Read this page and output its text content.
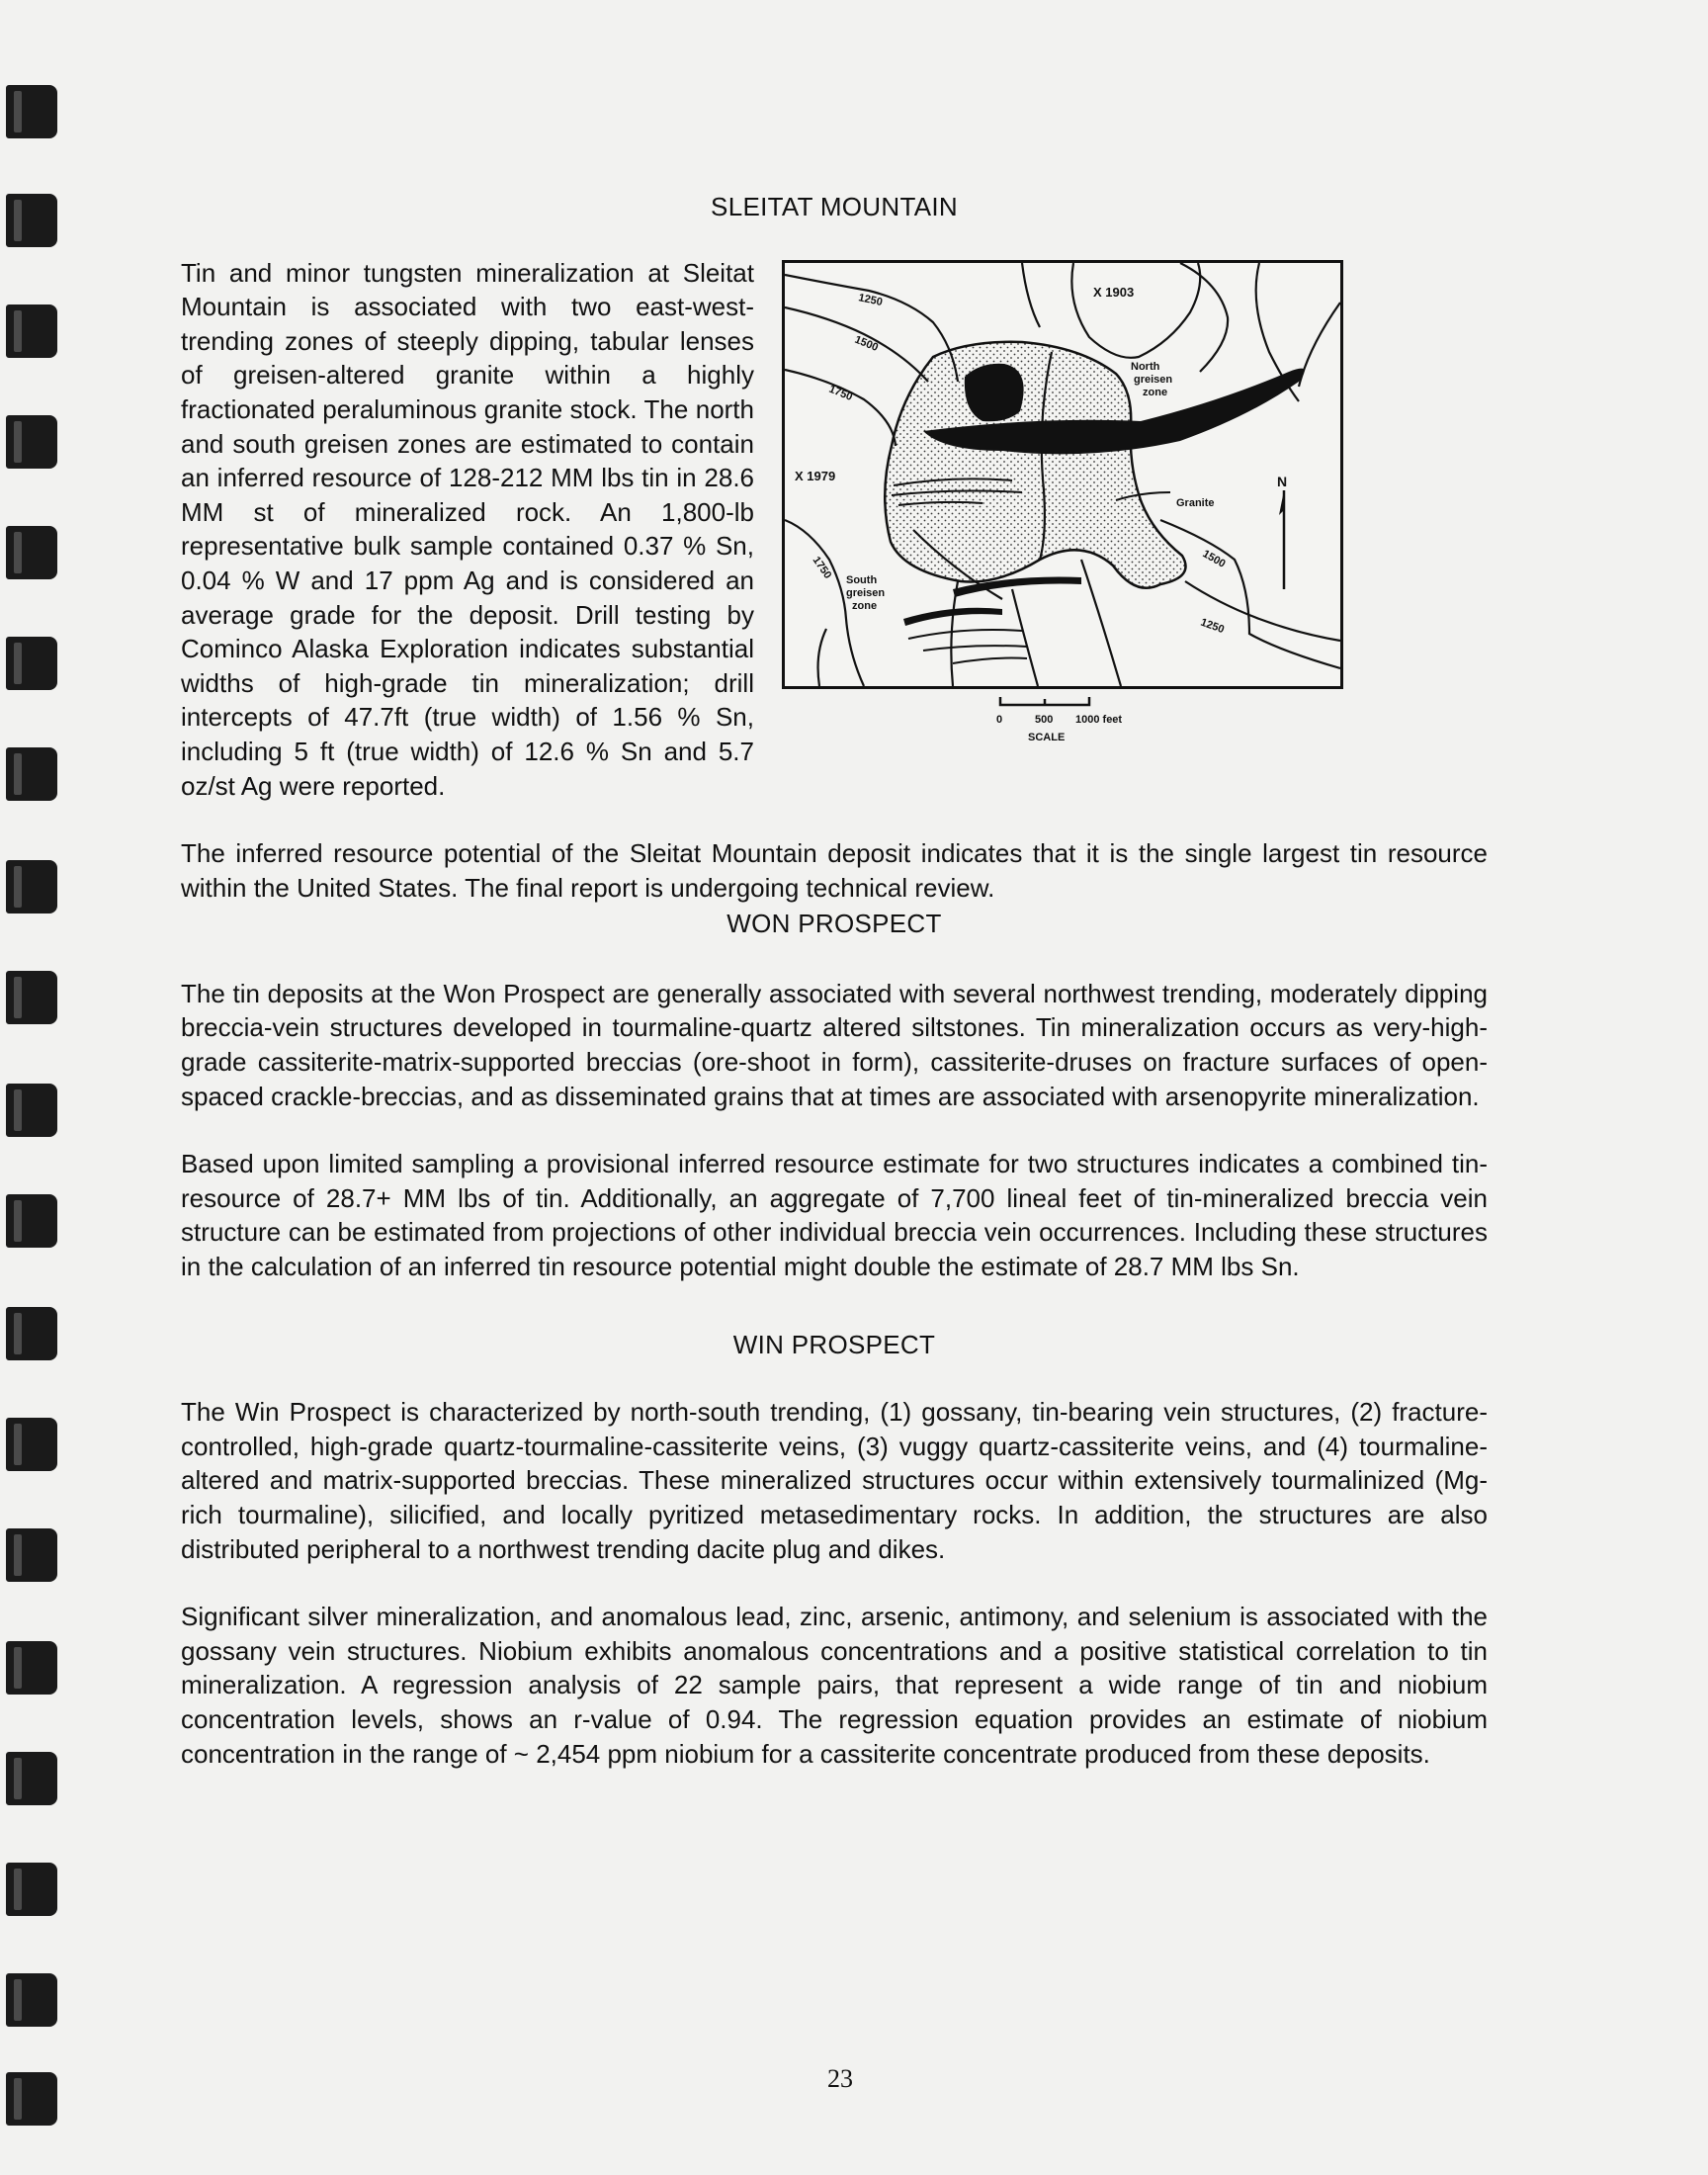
SLEITAT MOUNTAIN
1250
1500
1750
X 1903
X 1979
North
greisen
zone
Granite
N
1500
1250
1750 South
greisen
zone
0	500 1000 feet
SCALE

Tin and minor tungsten mineralization at Sleitat Mountain is associated with two east-west-trending zones of steeply dipping, tabular lenses of greisen-altered granite within a highly fractionated peraluminous granite stock. The north and south greisen zones are estimated to contain an inferred resource of 128-212 MM lbs tin in 28.6 MM st of mineralized rock. An 1,800-lb representative bulk sample contained 0.37 % Sn, 0.04 % W and 17 ppm Ag and is considered an average grade for the deposit. Drill testing by Cominco Alaska Exploration indicates substantial widths of high-grade tin mineralization; drill intercepts of 47.7ft (true width) of 1.56 % Sn, including 5 ft (true width) of 12.6 % Sn and 5.7 oz/st Ag were reported.

The inferred resource potential of the Sleitat Mountain deposit indicates that it is the single largest tin resource within the United States. The final report is undergoing technical review.

WON PROSPECT

The tin deposits at the Won Prospect are generally associated with several northwest trending, moderately dipping breccia-vein structures developed in tourmaline-quartz altered siltstones. Tin mineralization occurs as very-high-grade cassiterite-matrix-supported breccias (ore-shoot in form), cassiterite-druses on fracture surfaces of open-spaced crackle-breccias, and as disseminated grains that at times are associated with arsenopyrite mineralization.

Based upon limited sampling a provisional inferred resource estimate for two structures indicates a combined tin-resource of 28.7+ MM lbs of tin. Additionally, an aggregate of 7,700 lineal feet of tin-mineralized breccia vein structure can be estimated from projections of other individual breccia vein occurrences. Including these structures in the calculation of an inferred tin resource potential might double the estimate of 28.7 MM lbs Sn.

WIN PROSPECT

The Win Prospect is characterized by north-south trending, (1) gossany, tin-bearing vein structures, (2) fracture-controlled, high-grade quartz-tourmaline-cassiterite veins, (3) vuggy quartz-cassiterite veins, and (4) tourmaline-altered and matrix-supported breccias. These mineralized structures occur within extensively tourmalinized (Mg-rich tourmaline), silicified, and locally pyritized metasedimentary rocks. In addition, the structures are also distributed peripheral to a northwest trending dacite plug and dikes.

Significant silver mineralization, and anomalous lead, zinc, arsenic, antimony, and selenium is associated with the gossany vein structures. Niobium exhibits anomalous concentrations and a positive statistical correlation to tin mineralization. A regression analysis of 22 sample pairs, that represent a wide range of tin and niobium concentration levels, shows an r-value of 0.94. The regression equation provides an estimate of niobium concentration in the range of ~ 2,454 ppm niobium for a cassiterite concentrate produced from these deposits.

23
